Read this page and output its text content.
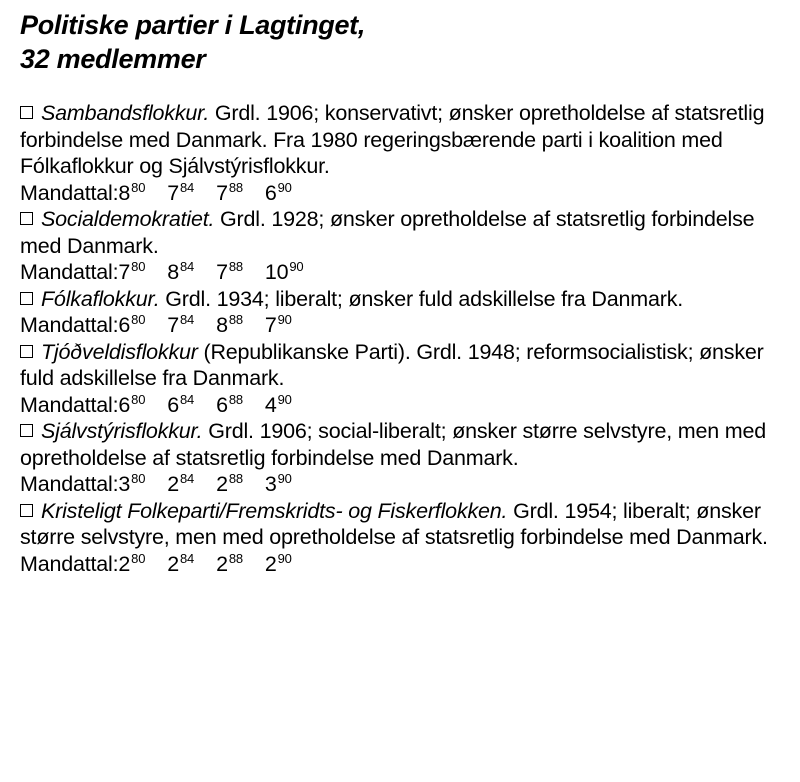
Politiske partier i Lagtinget,
32 medlemmer

Sambandsflokkur. Grdl. 1906; konservativt; ønsker opretholdelse af statsretlig forbindelse med Danmark. Fra 1980 regeringsbærende parti i koalition med Fólkaflokkur og Sjálvstýrisflokkur.

$Mandattal:8^{80}$ $7^{84}$ $7^{88}$ $6^{90}$

Socialdemokratiet. Grdl. 1928; ønsker opretholdelse af statsretlig forbindelse med Danmark.

$Mandattal:7^{80}$ $8^{84}$ $7^{88}$ $10^{90}$

Fólkaflokkur. Grdl. 1934; liberalt; ønsker fuld adskillelse fra Danmark.

$Mandattal:6^{80}$ $7^{84}$ $8^{88}$ $7^{90}$

Tjóðveldisflokkur (Republikanske Parti). Grdl. 1948; reformsocialistisk; ønsker fuld adskillelse fra Danmark.

$Mandattal:6^{80}$ $6^{84}$ $6^{88}$ $4^{90}$

Sjálvstýrisflokkur. Grdl. 1906; social-liberalt; ønsker større selvstyre, men med opretholdelse af statsretlig forbindelse med Danmark.

$Mandattal:3^{80}$ $2^{84}$ $2^{88}$ $3^{90}$

Kristeligt Folkeparti/Fremskridts- og Fiskerflokken. Grdl. 1954; liberalt; ønsker større selvstyre, men med opretholdelse af statsretlig forbindelse med Danmark.

$Mandattal:2^{80}$ $2^{84}$ $2^{88}$ $2^{90}$
